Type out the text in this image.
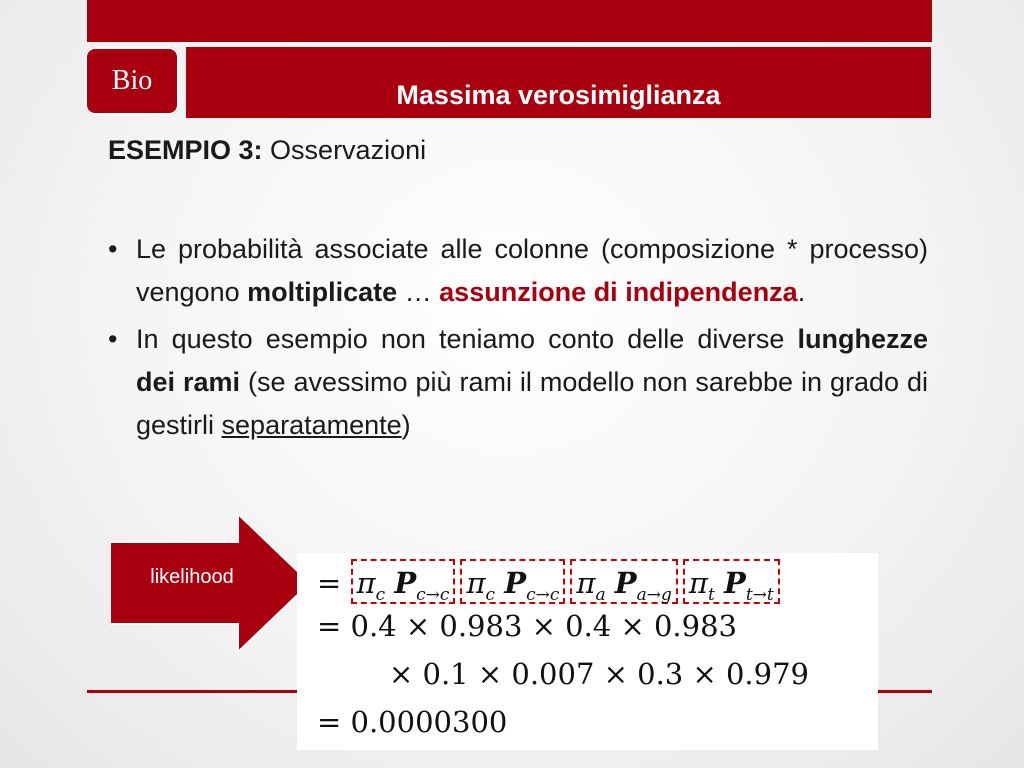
Bio	Massima verosimiglianza
ESEMPIO 3: Osservazioni
• Le probabilità associate alle colonne (composizione * processo) vengono moltiplicate … assunzione di indipendenza.
• In questo esempio non teniamo conto delle diverse lunghezze dei rami (se avessimo più rami il modello non sarebbe in grado di gestirli separatamente)
likelihood	= $\pi_c$ $P_{c\to c}$ $\pi_c$ $P_{c\to c}$ $\pi_a$ $P_{a\to g}$ $\pi_t$ $P_{t\to t}$
= 0.4 × 0.983 × 0.4 × 0.983
× 0.1 × 0.007 × 0.3 × 0.979
= 0.0000300
